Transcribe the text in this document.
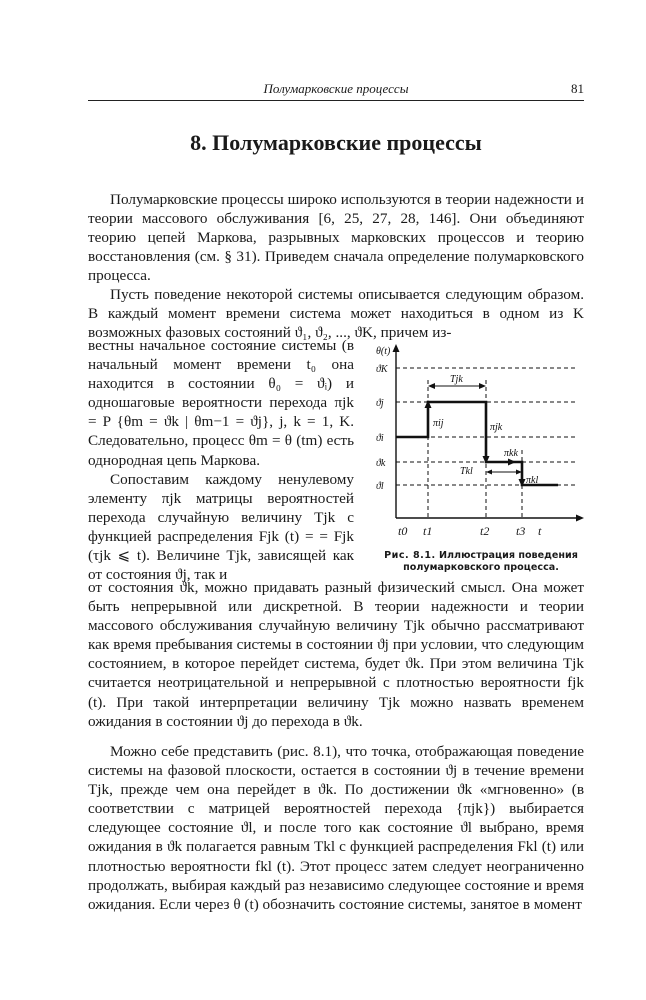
Полумарковские процессы	81
8. Полумарковские процессы

Полумарковские процессы широко используются в теории надежности и теории массового обслуживания [6, 25, 27, 28, 146]. Они объединяют теорию цепей Маркова, разрывных марковских процессов и теорию восстановления (см. § 31). Приведем сначала определение полумарковского процесса.

Пусть поведение некоторой системы описывается следующим образом. В каждый момент времени система может находиться в одном из K возможных фазовых состояний ϑ₁, ϑ₂, ..., ϑK, причем из-

вестны начальное состояние системы (в начальный момент времени t₀ она находится в состоянии θ₀ = ϑᵢ) и одношаговые вероятности перехода πjk = P {θm = ϑk | θm−1 = ϑj}, j, k = 1, K. Следовательно, процесс θm = θ (tm) есть однородная цепь Маркова.

Сопоставим каждому ненулевому элементу πjk матрицы вероятностей перехода случайную величину Tjk с функцией распределения Fjk (t) = = Fjk (τjk ⩽ t). Величине Tjk, зависящей как от состояния ϑj, так и

θ(t)
ϑK
ϑj
ϑi
ϑk
ϑl
Tjk
πij	πjk
πkk
Tkl
πkl
t0 t1	t2 t3 t
Рис. 8.1. Иллюстрация поведения полумарковского процесса.

от состояния ϑk, можно придавать разный физический смысл. Она может быть непрерывной или дискретной. В теории надежности и теории массового обслуживания случайную величину Tjk обычно рассматривают как время пребывания системы в состоянии ϑj при условии, что следующим состоянием, в которое перейдет система, будет ϑk. При этом величина Tjk считается неотрицательной и непрерывной с плотностью вероятности fjk (t). При такой интерпретации величину Tjk можно назвать временем ожидания в состоянии ϑj до перехода в ϑk.

Можно себе представить (рис. 8.1), что точка, отображающая поведение системы на фазовой плоскости, остается в состоянии ϑj в течение времени Tjk, прежде чем она перейдет в ϑk. По достижении ϑk «мгновенно» (в соответствии с матрицей вероятностей перехода {πjk}) выбирается следующее состояние ϑl, и после того как состояние ϑl выбрано, время ожидания в ϑk полагается равным Tkl с функцией распределения Fkl (t) или плотностью вероятности fkl (t). Этот процесс затем следует неограниченно продолжать, выбирая каждый раз независимо следующее состояние и время ожидания. Если через θ (t) обозначить состояние системы, занятое в момент
